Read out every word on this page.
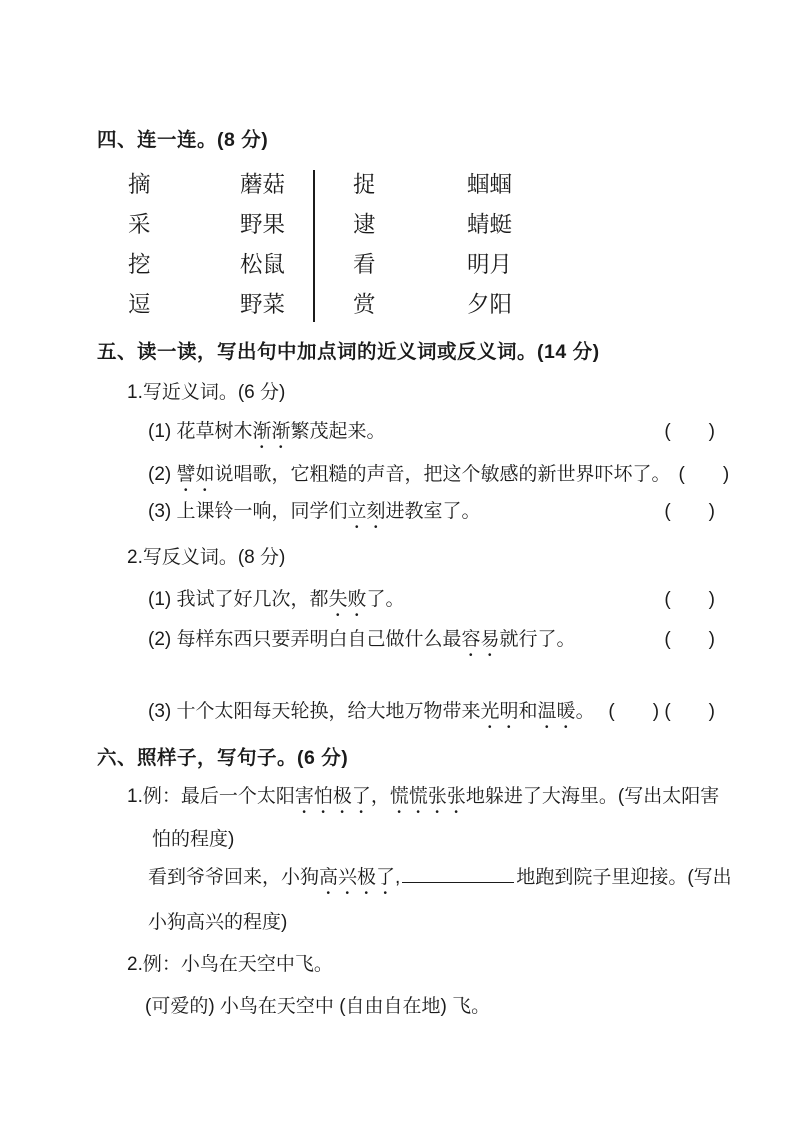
四、连一连。(8 分)
摘	蘑菇	捉	蝈蝈
采	野果	逮	蜻蜓
挖	松鼠	看	明月
逗	野菜	赏	夕阳
五、读一读，写出句中加点词的近义词或反义词。(14 分)
1.写近义词。(6 分)
(1) 花草树木渐渐繁茂起来。	(　　)
(2) 譬如说唱歌，它粗糙的声音，把这个敏感的新世界吓坏了。 (　　)
(3) 上课铃一响，同学们立刻进教室了。	(　　)
2.写反义词。(8 分)
(1) 我试了好几次，都失败了。	(　　)
(2) 每样东西只要弄明白自己做什么最容易就行了。	(　　)
(3) 十个太阳每天轮换，给大地万物带来光明和温暖。 (　　) (　　)
六、照样子，写句子。(6 分)
1.例：最后一个太阳害怕极了，慌慌张张地躲进了大海里。(写出太阳害
怕的程度)
看到爷爷回来，小狗高兴极了,	地跑到院子里迎接。(写出
小狗高兴的程度)
2.例：小鸟在天空中飞。
(可爱的) 小鸟在天空中 (自由自在地) 飞。
